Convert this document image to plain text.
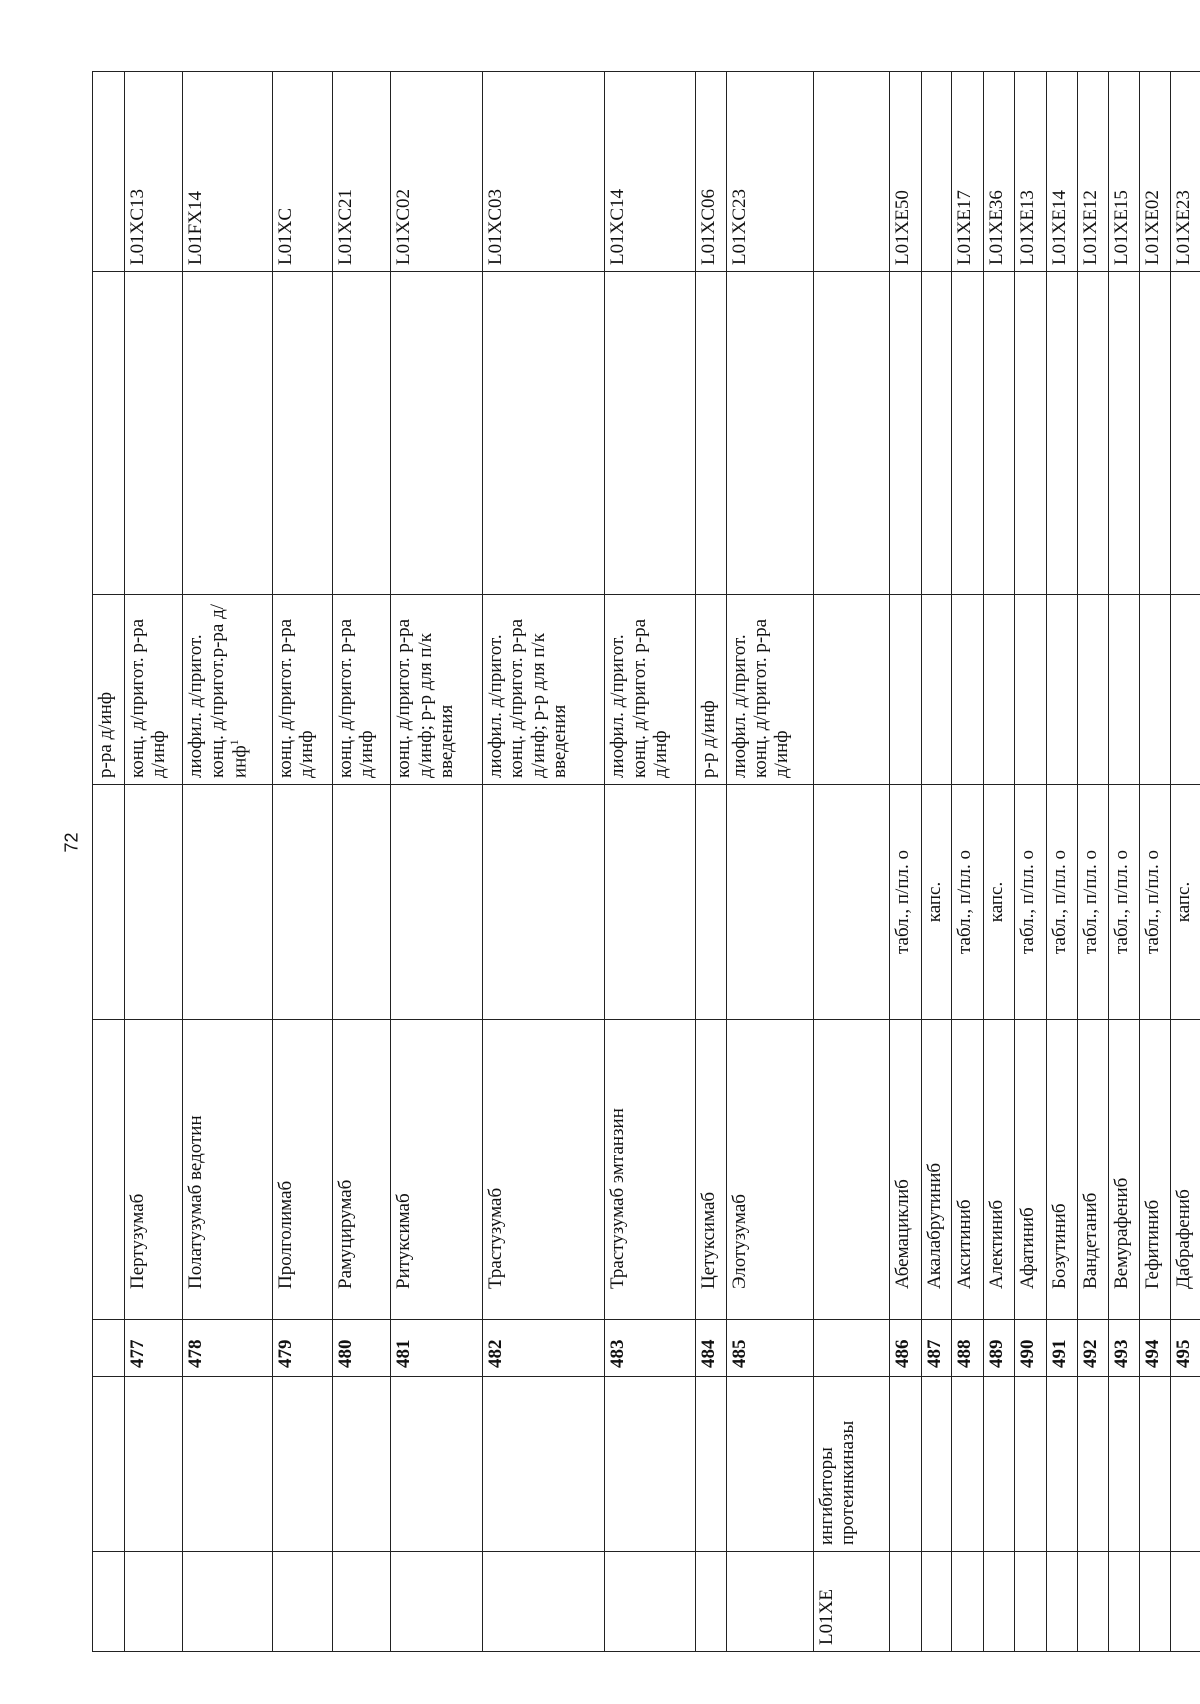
72
					р-ра д/инф		
		477	Пертузумаб		конц. д/пригот. р-ра д/инф		L01XC13
		478	Полатузумаб ведотин		лиофил. д/пригот. конц. д/пригот.р-ра д/инф$^1$		L01FX14
		479	Пролголимаб		конц. д/пригот. р-ра д/инф		L01XC
		480	Рамуцирумаб		конц. д/пригот. р-ра д/инф		L01XC21
		481	Ритуксимаб		конц. д/пригот. р-ра д/инф; р-р для п/к введения		L01XC02
		482	Трастузумаб		лиофил. д/пригот. конц. д/пригот. р-ра д/инф; р-р для п/к введения		L01XC03
		483	Трастузумаб эмтанзин		лиофил. д/пригот. конц. д/пригот. р-ра д/инф		L01XC14
		484	Цетуксимаб		р-р д/инф		L01XC06
		485	Элотузумаб		лиофил. д/пригот. конц. д/пригот. р-ра д/инф		L01XC23
L01XE	ингибиторы протеинкиназы						
		486	Абемациклиб	табл., п/пл. о			L01XE50
		487	Акалабрутиниб	капс.			
		488	Акситиниб	табл., п/пл. о			L01XE17
		489	Алектиниб	капс.			L01XE36
		490	Афатиниб	табл., п/пл. о			L01XE13
		491	Бозутиниб	табл., п/пл. о			L01XE14
		492	Вандетаниб	табл., п/пл. о			L01XE12
		493	Вемурафениб	табл., п/пл. о			L01XE15
		494	Гефитиниб	табл., п/пл. о			L01XE02
		495	Дабрафениб	капс.			L01XE23
